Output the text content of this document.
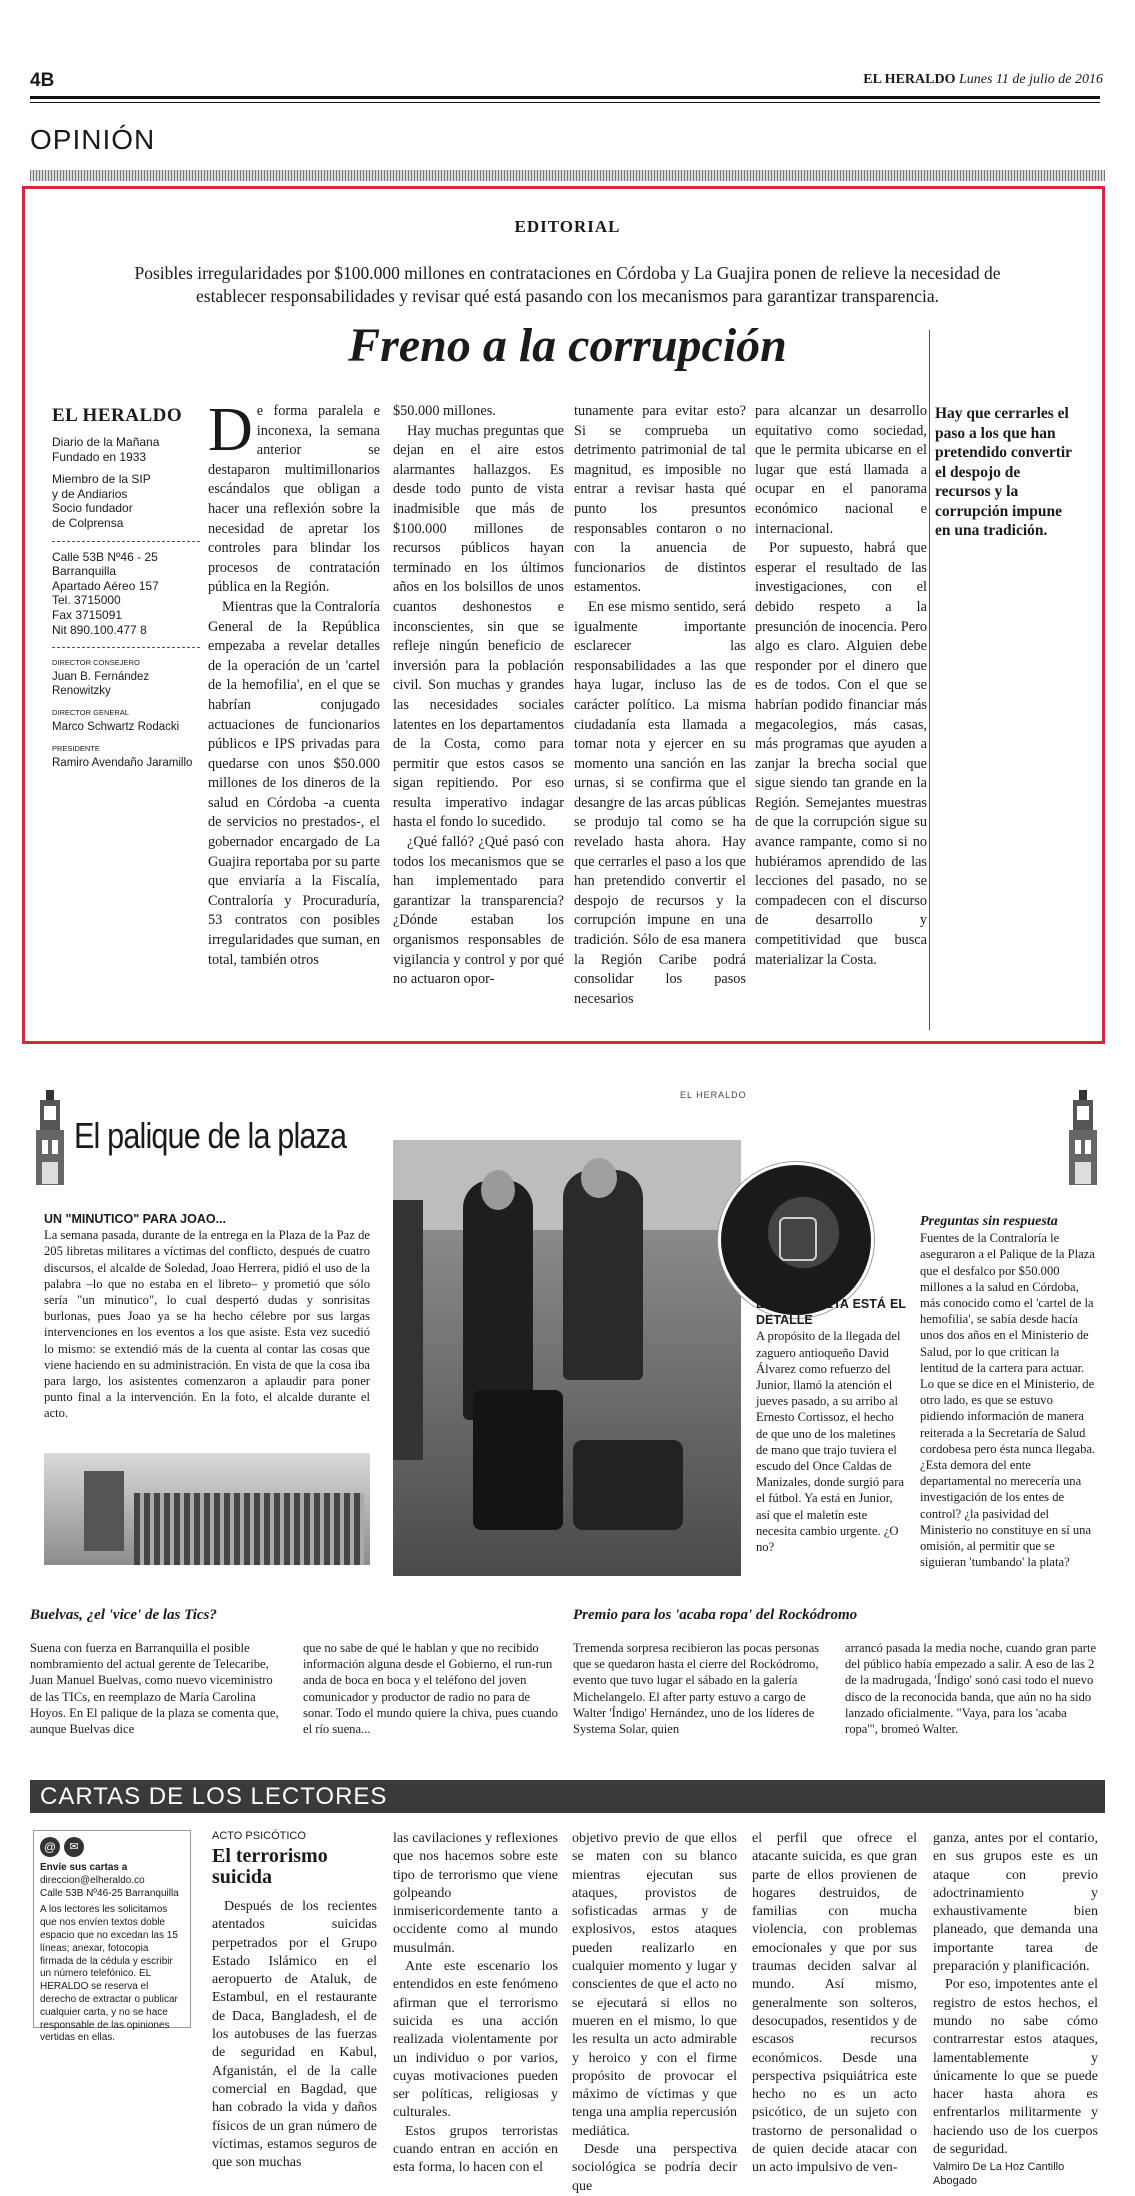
4B	EL HERALDO Lunes 11 de julio de 2016
OPINIÓN
EDITORIAL
Posibles irregularidades por $100.000 millones en contrataciones en Córdoba y La Guajira ponen de relieve la necesidad de establecer responsabilidades y revisar qué está pasando con los mecanismos para garantizar transparencia.
Freno a la corrupción
EL HERALDO
Diario de la Mañana
Fundado en 1933
Miembro de la SIP
y de Andiarios
Socio fundador
de Colprensa
Calle 53B Nº46 - 25
Barranquilla
Apartado Aéreo 157
Tel. 3715000
Fax 3715091
Nit 890.100.477 8
DIRECTOR CONSEJERO
Juan B. Fernández Renowitzky
DIRECTOR GENERAL
Marco Schwartz Rodacki
PRESIDENTE
Ramiro Avendaño Jaramillo
D e forma paralela e inconexa, la semana anterior se destaparon multimillonarios escándalos que obligan a hacer una reflexión sobre la necesidad de apretar los controles para blindar los procesos de contratación pública en la Región.

Mientras que la Contraloría General de la República empezaba a revelar detalles de la operación de un 'cartel de la hemofilia', en el que se habrían conjugado actuaciones de funcionarios públicos e IPS privadas para quedarse con unos $50.000 millones de los dineros de la salud en Córdoba -a cuenta de servicios no prestados-, el gobernador encargado de La Guajira reportaba por su parte que enviaría a la Fiscalía, Contraloría y Procuraduría, 53 contratos con posibles irregularidades que suman, en total, también otros

$50.000 millones.

Hay muchas preguntas que dejan en el aire estos alarmantes hallazgos. Es desde todo punto de vista inadmisible que más de $100.000 millones de recursos públicos hayan terminado en los últimos años en los bolsillos de unos cuantos deshonestos e inconscientes, sin que se refleje ningún beneficio de inversión para la población civil. Son muchas y grandes las necesidades sociales latentes en los departamentos de la Costa, como para permitir que estos casos se sigan repitiendo. Por eso resulta imperativo indagar hasta el fondo lo sucedido.

¿Qué falló? ¿Qué pasó con todos los mecanismos que se han implementado para garantizar la transparencia? ¿Dónde estaban los organismos responsables de vigilancia y control y por qué no actuaron opor-

tunamente para evitar esto? Si se comprueba un detrimento patrimonial de tal magnitud, es imposible no entrar a revisar hasta qué punto los presuntos responsables contaron o no con la anuencia de funcionarios de distintos estamentos.

En ese mismo sentido, será igualmente importante esclarecer las responsabilidades a las que haya lugar, incluso las de carácter político. La misma ciudadanía esta llamada a tomar nota y ejercer en su momento una sanción en las urnas, si se confirma que el desangre de las arcas públicas se produjo tal como se ha revelado hasta ahora. Hay que cerrarles el paso a los que han pretendido convertir el despojo de recursos y la corrupción impune en una tradición. Sólo de esa manera la Región Caribe podrá consolidar los pasos necesarios

para alcanzar un desarrollo equitativo como sociedad, que le permita ubicarse en el lugar que está llamada a ocupar en el panorama económico nacional e internacional.

Por supuesto, habrá que esperar el resultado de las investigaciones, con el debido respeto a la presunción de inocencia. Pero algo es claro. Alguien debe responder por el dinero que es de todos. Con el que se habrían podido financiar más megacolegios, más casas, más programas que ayuden a zanjar la brecha social que sigue siendo tan grande en la Región. Semejantes muestras de que la corrupción sigue su avance rampante, como si no hubiéramos aprendido de las lecciones del pasado, no se compadecen con el discurso de desarrollo y competitividad que busca materializar la Costa.

Hay que cerrarles el paso a los que han pretendido convertir el despojo de recursos y la corrupción impune en una tradición.
EL HERALDO
El palique de la plaza
UN "MINUTICO" PARA JOAO...

La semana pasada, durante de la entrega en la Plaza de la Paz de 205 libretas militares a víctimas del conflicto, después de cuatro discursos, el alcalde de Soledad, Joao Herrera, pidió el uso de la palabra –lo que no estaba en el libreto– y prometió que sólo sería "un minutico", lo cual despertó dudas y sonrisitas burlonas, pues Joao ya se ha hecho célebre por sus largas intervenciones en los eventos a los que asiste. Esta vez sucedió lo mismo: se extendió más de la cuenta al contar las cosas que viene haciendo en su administración. En vista de que la cosa iba para largo, los asistentes comenzaron a aplaudir para poner punto final a la intervención. En la foto, el alcalde durante el acto.

EN LA MALETA ESTÁ EL DETALLE

A propósito de la llegada del zaguero antioqueño David Álvarez como refuerzo del Junior, llamó la atención el jueves pasado, a su arribo al Ernesto Cortissoz, el hecho de que uno de los maletines de mano que trajo tuviera el escudo del Once Caldas de Manizales, donde surgió para el fútbol. Ya está en Junior, así que el maletín este necesita cambio urgente. ¿O no?

Preguntas sin respuesta

Fuentes de la Contraloría le aseguraron a el Palique de la Plaza que el desfalco por $50.000 millones a la salud en Córdoba, más conocido como el 'cartel de la hemofilia', se sabía desde hacía unos dos años en el Ministerio de Salud, por lo que critican la lentitud de la cartera para actuar. Lo que se dice en el Ministerio, de otro lado, es que se estuvo pidiendo información de manera reiterada a la Secretaría de Salud cordobesa pero ésta nunca llegaba. ¿Esta demora del ente departamental no merecería una investigación de los entes de control? ¿la pasividad del Ministerio no constituye en sí una omisión, al permitir que se siguieran 'tumbando' la plata?

Buelvas, ¿el 'vice' de las Tics?
Suena con fuerza en Barranquilla el posible nombramiento del actual gerente de Telecaribe, Juan Manuel Buelvas, como nuevo viceministro de las TICs, en reemplazo de María Carolina Hoyos. En El palique de la plaza se comenta que, aunque Buelvas dice
que no sabe de qué le hablan y que no recibido información alguna desde el Gobierno, el run-run anda de boca en boca y el teléfono del joven comunicador y productor de radio no para de sonar. Todo el mundo quiere la chiva, pues cuando el río suena...
Premio para los 'acaba ropa' del Rockódromo
Tremenda sorpresa recibieron las pocas personas que se quedaron hasta el cierre del Rockódromo, evento que tuvo lugar el sábado en la galería Michelangelo. El after party estuvo a cargo de Walter 'Índigo' Hernández, uno de los líderes de Systema Solar, quien
arrancó pasada la media noche, cuando gran parte del público había empezado a salir. A eso de las 2 de la madrugada, 'Índigo' sonó casi todo el nuevo disco de la reconocida banda, que aún no ha sido lanzado oficialmente. "Vaya, para los 'acaba ropa'", bromeó Walter.
CARTAS DE LOS LECTORES
@	✉
Envíe sus cartas a
direccion@elheraldo.co
Calle 53B Nº46-25 Barranquilla
A los lectores les solicitamos que nos envíen textos doble espacio que no excedan las 15 líneas; anexar, fotocopia firmada de la cédula y escribir un número telefónico. EL HERALDO se reserva el derecho de extractar o publicar cualquier carta, y no se hace responsable de las opiniones vertidas en ellas.
ACTO PSICÓTICO
El terrorismo suicida

Después de los recientes atentados suicidas perpetrados por el Grupo Estado Islámico en el aeropuerto de Ataluk, de Estambul, en el restaurante de Daca, Bangladesh, el de los autobuses de las fuerzas de seguridad en Kabul, Afganistán, el de la calle comercial en Bagdad, que han cobrado la vida y daños físicos de un gran número de víctimas, estamos seguros de que son muchas

las cavilaciones y reflexiones que nos hacemos sobre este tipo de terrorismo que viene golpeando inmisericordemente tanto a occidente como al mundo musulmán.

Ante este escenario los entendidos en este fenómeno afirman que el terrorismo suicida es una acción realizada violentamente por un individuo o por varios, cuyas motivaciones pueden ser políticas, religiosas y culturales.

Estos grupos terroristas cuando entran en acción en esta forma, lo hacen con el

objetivo previo de que ellos se maten con su blanco mientras ejecutan sus ataques, provistos de sofisticadas armas y de explosivos, estos ataques pueden realizarlo en cualquier momento y lugar y conscientes de que el acto no se ejecutará si ellos no mueren en el mismo, lo que les resulta un acto admirable y heroico y con el firme propósito de provocar el máximo de víctimas y que tenga una amplia repercusión mediática.

Desde una perspectiva sociológica se podría decir que

el perfil que ofrece el atacante suicida, es que gran parte de ellos provienen de hogares destruidos, de familias con mucha violencia, con problemas emocionales y que por sus traumas deciden salvar al mundo. Así mismo, generalmente son solteros, desocupados, resentidos y de escasos recursos económicos. Desde una perspectiva psiquiátrica este hecho no es un acto psicótico, de un sujeto con trastorno de personalidad o de quien decide atacar con un acto impulsivo de ven-

ganza, antes por el contario, en sus grupos este es un ataque con previo adoctrinamiento y exhaustivamente bien planeado, que demanda una importante tarea de preparación y planificación.

Por eso, impotentes ante el registro de estos hechos, el mundo no sabe cómo contrarrestar estos ataques, lamentablemente y únicamente lo que se puede hacer hasta ahora es enfrentarlos militarmente y haciendo uso de los cuerpos de seguridad.

Valmiro De La Hoz Cantillo
Abogado
